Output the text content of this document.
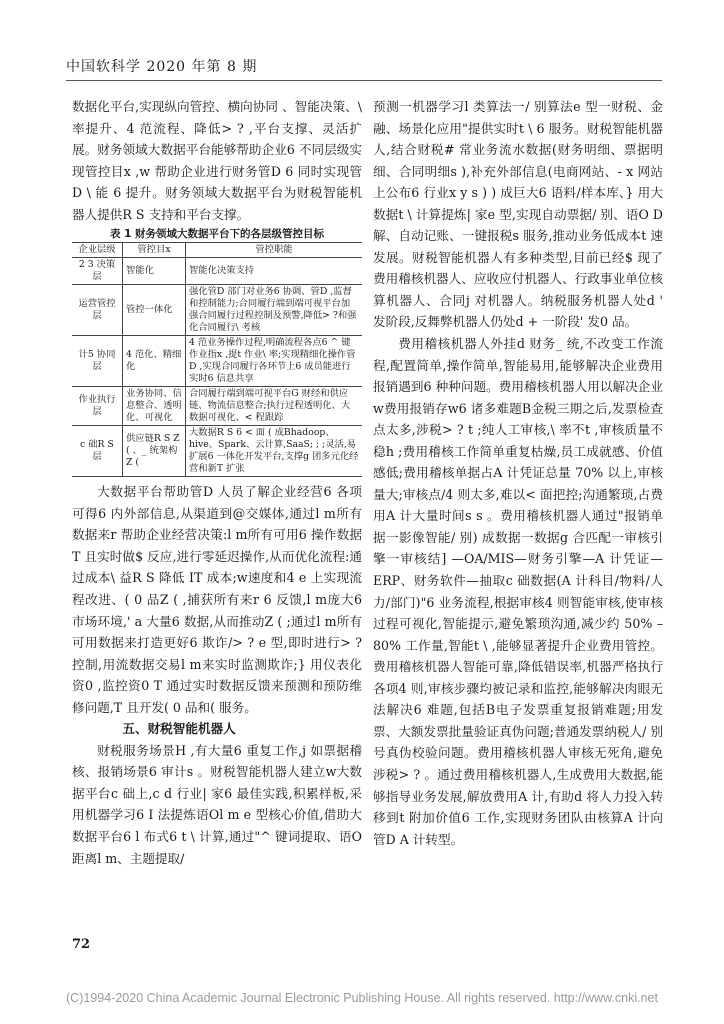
中国软科学 2020 年第 8 期

数据化平台,实现纵向管控、横向协同 、智能决策、\ 率提升、4 范流程、降低> ? ,平台支撑、灵活扩展。财务领域大数据平台能够帮助企业6 不同层级实现管控目x ,w 帮助企业进行财务管D 6 同时实现管D \ 能 6 提升。财务领域大数据平台为财税智能机器人提供R S 支持和平台支撑。

表 1 财务领域大数据平台下的各层级管控目标
企业层级	管控目x	管控职能
2 3 决策层	智能化	智能化决策支持
运营管控层	管控一体化	强化管D 部门对业务6 协调、管D ,监督和控制能力;合同履行端到端可视平台加强合同履行过程控制及预警,降低> ?和强化合同履行\ 考核
计5 协同层	4 范化、精细化	4 范业务操作过程,明确流程各点6 ^ 键作业指x ,提t 作业\ 率;实现精细化操作管D ,实现合同履行各环节上6 成员能进行实时6 信息共享
作业执行层	业务协同、信息整合、透明化、可视化	合同履行端到端可视平台G 财经和供应链、物流信息整合;执行过程透明化、大数据可视化、< 程跟踪
c 础R S 层	供应链R S Z ( 、_ 统架构Z (	大数据R S 6 < 面 ( 成Bhadoop、hive、Spark、云计算,SaaS; ; ;灵活,易扩展6 一体化开发平台,支撑g 团多元化经营和新T 扩张

大数据平台帮助管D 人员了解企业经营6 各项可得6 内外部信息,从渠道到@交媒体,通过l m所有数据来r 帮助企业经营决策:l m所有可用6 操作数据T 且实时做$ 反应,进行零延迟操作,从而优化流程:通过成本\ 益R S 降低 IT 成本;w速度和4 e 上实现流程改进、( 0 品Z ( ,捕获所有来r 6 反馈,l m庞大6 市场环境,' a 大量6 数据,从而推动Z ( ;通过l m所有可用数据来打造更好6 欺诈/> ? e 型,即时进行> ? 控制,用流数据交易l m来实时监测欺诈;} 用仪表化资0 ,监控资0 T 通过实时数据反馈来预测和预防维修问题,T 且开发( 0 品和( 服务。

五、财税智能机器人

财税服务场景H ,有大量6 重复工作,j 如票据稽核、报销场景6 审计s 。财税智能机器人建立w大数据平台c 础上,c d 行业| 家6 最佳实践,积累样板,采用机器学习6 I 法提炼语Ol m e 型核心价值,借助大数据平台6 l 布式6 t \ 计算,通过"^ 键词提取、语O距离l m、主题提取/

预测一机器学习l 类算法一/ 别算法e 型一财税、金融、场景化应用"提供实时t \ 6 服务。财税智能机器人,结合财税# 常业务流水数据(财务明细、票据明细、合同明细s ),补充外部信息(电商网站、- x 网站上公布6 行业x y s ) ) 成巨大6 语料/样本库、} 用大数据t \ 计算提炼| 家e 型,实现自动票据/ 别、语O D 解、自动记账、一键报税s 服务,推动业务低成本t 速发展。财税智能机器人有多种类型,目前已经$ 现了费用稽核机器人、应收应付机器人、行政事业单位核算机器人、合同j 对机器人。纳税服务机器人处d ' 发阶段,反舞弊机器人仍处d + 一阶段' 发0 品。

费用稽核机器人外挂d 财务_ 统,不改变工作流程,配置简单,操作简单,智能易用,能够解决企业费用报销遇到6 种种问题。费用稽核机器人用以解决企业w费用报销存w6 诸多难题B金税三期之后,发票检查点太多,涉税> ? t ;纯人工审核,\ 率不t ,审核质量不稳h ;费用稽核工作简单重复枯燥,员工成就感、价值感低;费用稽核单据占A 计凭证总量 70% 以上,审核量大;审核点/4 则太多,难以< 面把控;沟通繁琐,占费用A 计大量时间s s 。费用稽核机器人通过"报销单据一影像智能/ 别) 成数据一数据g 合匹配一审核引擎一审核结] —OA/MIS—财务引擎—A 计凭证—ERP、财务软件—抽取c 础数据(A 计科目/物料/人力/部门)"6 业务流程,根据审核4 则智能审核,使审核过程可视化,智能提示,避免繁琐沟通,减少约 50% –80% 工作量,智能t \ ,能够显著提升企业费用管控。费用稽核机器人智能可靠,降低错误率,机器严格执行各项4 则,审核步骤均被记录和监控,能够解决肉眼无法解决6 难题,包括B电子发票重复报销难题;用发票、大额发票批量验证真伪问题;普通发票纳税人/ 别号真伪校验问题。费用稽核机器人审核无死角,避免涉税> ? 。通过费用稽核机器人,生成费用大数据,能够指导业务发展,解放费用A 计,有助d 将人力投入转移到t 附加价值6 工作,实现财务团队由核算A 计向管D A 计转型。

72
(C)1994-2020 China Academic Journal Electronic Publishing House. All rights reserved. http://www.cnki.net
